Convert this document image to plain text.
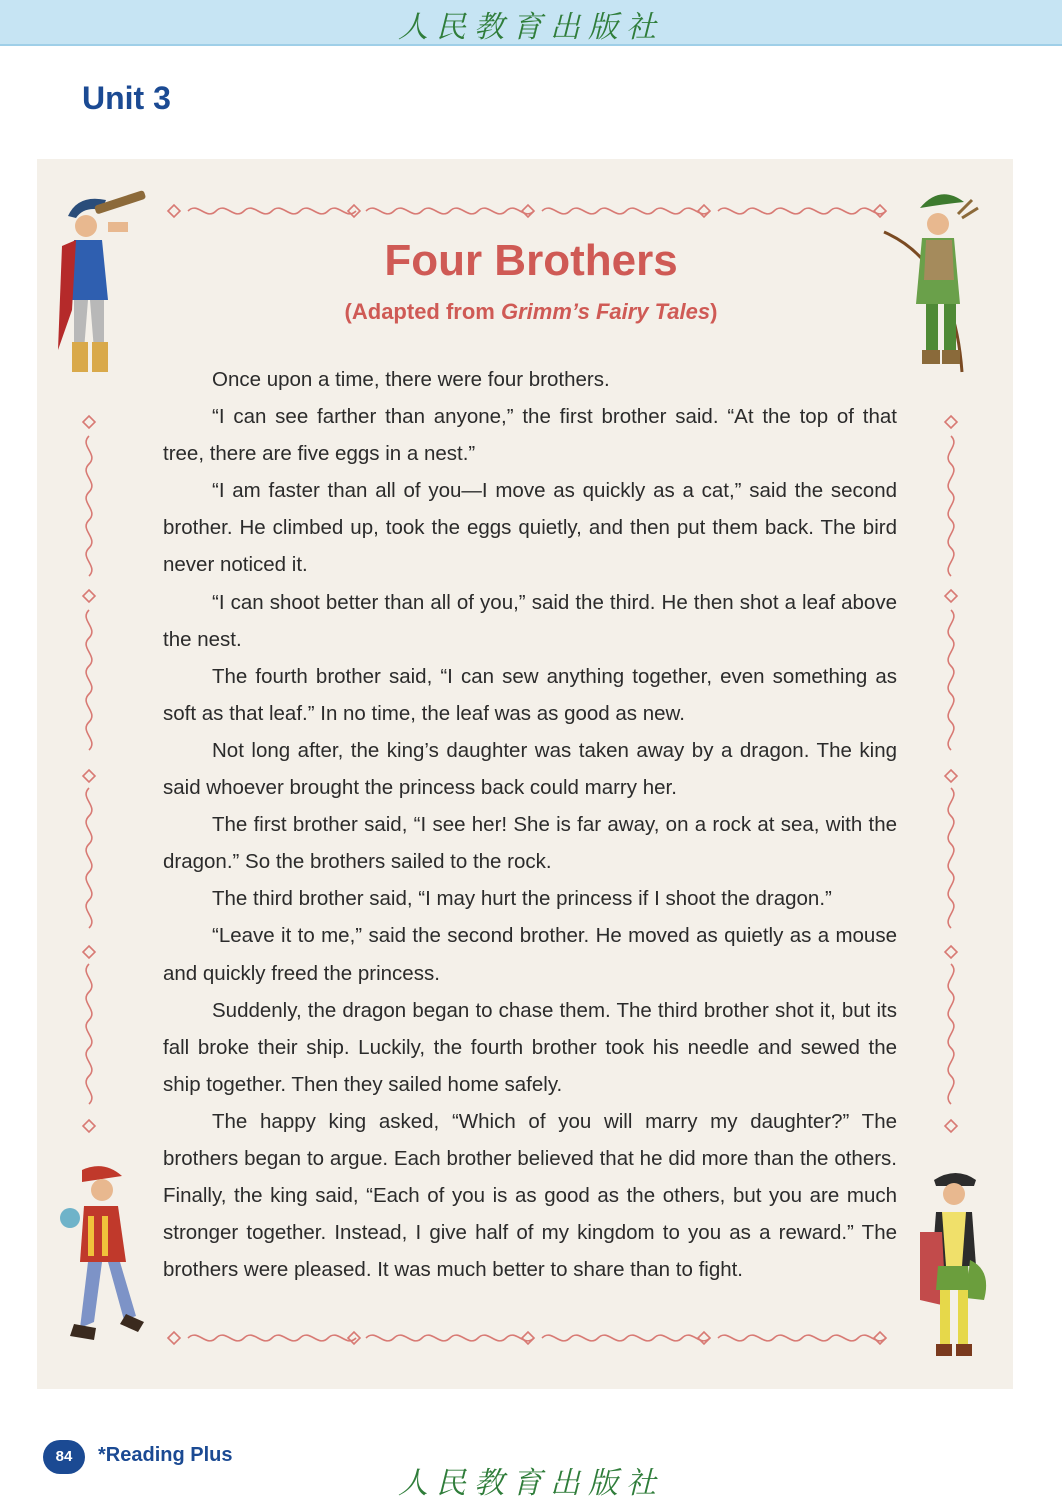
人民教育出版社
Unit 3
Four Brothers
(Adapted from Grimm’s Fairy Tales)

Once upon a time, there were four brothers.

“I can see farther than anyone,” the first brother said. “At the top of that tree, there are five eggs in a nest.”

“I am faster than all of you—I move as quickly as a cat,” said the second brother. He climbed up, took the eggs quietly, and then put them back. The bird never noticed it.

“I can shoot better than all of you,” said the third. He then shot a leaf above the nest.

The fourth brother said, “I can sew anything together, even something as soft as that leaf.” In no time, the leaf was as good as new.

Not long after, the king’s daughter was taken away by a dragon. The king said whoever brought the princess back could marry her.

The first brother said, “I see her! She is far away, on a rock at sea, with the dragon.” So the brothers sailed to the rock.

The third brother said, “I may hurt the princess if I shoot the dragon.”

“Leave it to me,” said the second brother. He moved as quietly as a mouse and quickly freed the princess.

Suddenly, the dragon began to chase them. The third brother shot it, but its fall broke their ship. Luckily, the fourth brother took his needle and sewed the ship together. Then they sailed home safely.

The happy king asked, “Which of you will marry my daughter?” The brothers began to argue. Each brother believed that he did more than the others. Finally, the king said, “Each of you is as good as the others, but you are much stronger together. Instead, I give half of my kingdom to you as a reward.” The brothers were pleased. It was much better to share than to fight.

84	*Reading Plus
人民教育出版社
